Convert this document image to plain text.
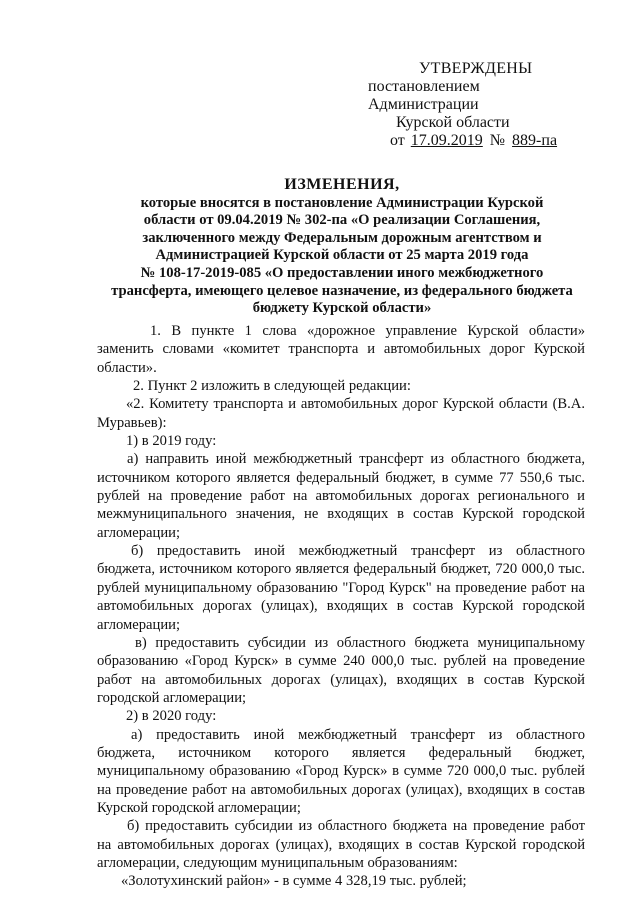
УТВЕРЖДЕНЫ
постановлением Администрации
Курской области
от 17.09.2019 № 889-па
ИЗМЕНЕНИЯ,
которые вносятся в постановление Администрации Курской
области от 09.04.2019 № 302-па «О реализации Соглашения,
заключенного между Федеральным дорожным агентством и
Администрацией Курской области от 25 марта 2019 года
№ 108-17-2019-085 «О предоставлении иного межбюджетного
трансферта, имеющего целевое назначение, из федерального бюджета
бюджету Курской области»

1. В пункте 1 слова «дорожное управление Курской области» заменить словами «комитет транспорта и автомобильных дорог Курской области».

2. Пункт 2 изложить в следующей редакции:

«2. Комитету транспорта и автомобильных дорог Курской области (В.А. Муравьев):

1) в 2019 году:

а) направить иной межбюджетный трансферт из областного бюджета, источником которого является федеральный бюджет, в сумме 77 550,6 тыс. рублей на проведение работ на автомобильных дорогах регионального и межмуниципального значения, не входящих в состав Курской городской агломерации;

б) предоставить иной межбюджетный трансферт из областного бюджета, источником которого является федеральный бюджет, 720 000,0 тыс. рублей муниципальному образованию "Город Курск" на проведение работ на автомобильных дорогах (улицах), входящих в состав Курской городской агломерации;

в) предоставить субсидии из областного бюджета муниципальному образованию «Город Курск» в сумме 240 000,0 тыс. рублей на проведение работ на автомобильных дорогах (улицах), входящих в состав Курской городской агломерации;

2) в 2020 году:

а) предоставить иной межбюджетный трансферт из областного бюджета, источником которого является федеральный бюджет, муниципальному образованию «Город Курск» в сумме 720 000,0 тыс. рублей на проведение работ на автомобильных дорогах (улицах), входящих в состав Курской городской агломерации;

б) предоставить субсидии из областного бюджета на проведение работ на автомобильных дорогах (улицах), входящих в состав Курской городской агломерации, следующим муниципальным образованиям:

«Золотухинский район» - в сумме 4 328,19 тыс. рублей;
